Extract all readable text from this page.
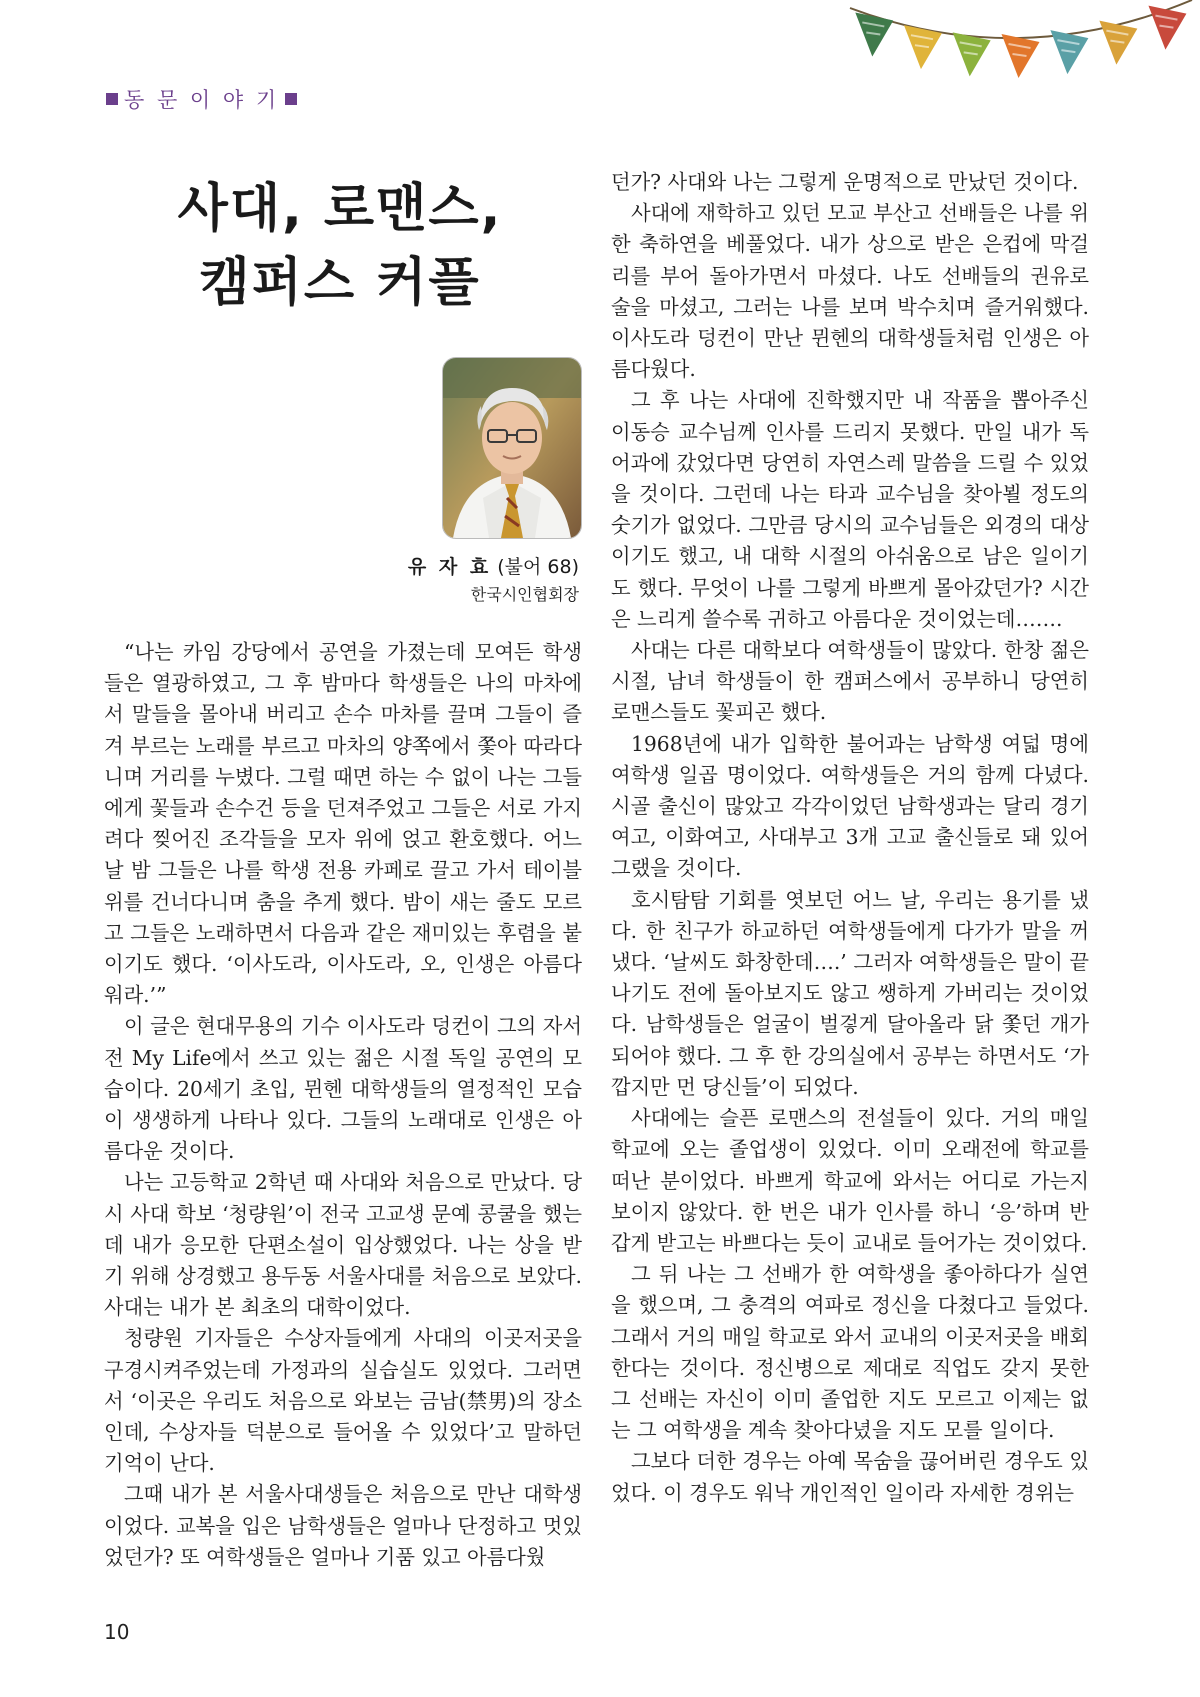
동 문 이 야 기
사대, 로맨스,
캠퍼스 커플
유 자 효 (불어 68)
한국시인협회장

“나는 카임 강당에서 공연을 가졌는데 모여든 학생들은 열광하였고, 그 후 밤마다 학생들은 나의 마차에서 말들을 몰아내 버리고 손수 마차를 끌며 그들이 즐겨 부르는 노래를 부르고 마차의 양쪽에서 쫓아 따라다니며 거리를 누볐다. 그럴 때면 하는 수 없이 나는 그들에게 꽃들과 손수건 등을 던져주었고 그들은 서로 가지려다 찢어진 조각들을 모자 위에 얹고 환호했다. 어느 날 밤 그들은 나를 학생 전용 카페로 끌고 가서 테이블 위를 건너다니며 춤을 추게 했다. 밤이 새는 줄도 모르고 그들은 노래하면서 다음과 같은 재미있는 후렴을 붙이기도 했다. ‘이사도라, 이사도라, 오, 인생은 아름다워라.’”

이 글은 현대무용의 기수 이사도라 덩컨이 그의 자서전 My Life에서 쓰고 있는 젊은 시절 독일 공연의 모습이다. 20세기 초입, 뮌헨 대학생들의 열정적인 모습이 생생하게 나타나 있다. 그들의 노래대로 인생은 아름다운 것이다.

나는 고등학교 2학년 때 사대와 처음으로 만났다. 당시 사대 학보 ‘청량원’이 전국 고교생 문예 콩쿨을 했는데 내가 응모한 단편소설이 입상했었다. 나는 상을 받기 위해 상경했고 용두동 서울사대를 처음으로 보았다. 사대는 내가 본 최초의 대학이었다.

청량원 기자들은 수상자들에게 사대의 이곳저곳을 구경시켜주었는데 가정과의 실습실도 있었다. 그러면서 ‘이곳은 우리도 처음으로 와보는 금남(禁男)의 장소인데, 수상자들 덕분으로 들어올 수 있었다’고 말하던 기억이 난다.

그때 내가 본 서울사대생들은 처음으로 만난 대학생이었다. 교복을 입은 남학생들은 얼마나 단정하고 멋있었던가? 또 여학생들은 얼마나 기품 있고 아름다웠

던가? 사대와 나는 그렇게 운명적으로 만났던 것이다.

사대에 재학하고 있던 모교 부산고 선배들은 나를 위한 축하연을 베풀었다. 내가 상으로 받은 은컵에 막걸리를 부어 돌아가면서 마셨다. 나도 선배들의 권유로 술을 마셨고, 그러는 나를 보며 박수치며 즐거워했다. 이사도라 덩컨이 만난 뮌헨의 대학생들처럼 인생은 아름다웠다.

그 후 나는 사대에 진학했지만 내 작품을 뽑아주신 이동승 교수님께 인사를 드리지 못했다. 만일 내가 독어과에 갔었다면 당연히 자연스레 말씀을 드릴 수 있었을 것이다. 그런데 나는 타과 교수님을 찾아뵐 정도의 숫기가 없었다. 그만큼 당시의 교수님들은 외경의 대상이기도 했고, 내 대학 시절의 아쉬움으로 남은 일이기도 했다. 무엇이 나를 그렇게 바쁘게 몰아갔던가? 시간은 느리게 쓸수록 귀하고 아름다운 것이었는데…….

사대는 다른 대학보다 여학생들이 많았다. 한창 젊은 시절, 남녀 학생들이 한 캠퍼스에서 공부하니 당연히 로맨스들도 꽃피곤 했다.

1968년에 내가 입학한 불어과는 남학생 여덟 명에 여학생 일곱 명이었다. 여학생들은 거의 함께 다녔다. 시골 출신이 많았고 각각이었던 남학생과는 달리 경기여고, 이화여고, 사대부고 3개 고교 출신들로 돼 있어 그랬을 것이다.

호시탐탐 기회를 엿보던 어느 날, 우리는 용기를 냈다. 한 친구가 하교하던 여학생들에게 다가가 말을 꺼냈다. ‘날씨도 화창한데….’ 그러자 여학생들은 말이 끝나기도 전에 돌아보지도 않고 쌩하게 가버리는 것이었다. 남학생들은 얼굴이 벌겋게 달아올라 닭 쫓던 개가 되어야 했다. 그 후 한 강의실에서 공부는 하면서도 ‘가깝지만 먼 당신들’이 되었다.

사대에는 슬픈 로맨스의 전설들이 있다. 거의 매일 학교에 오는 졸업생이 있었다. 이미 오래전에 학교를 떠난 분이었다. 바쁘게 학교에 와서는 어디로 가는지 보이지 않았다. 한 번은 내가 인사를 하니 ‘응’하며 반갑게 받고는 바쁘다는 듯이 교내로 들어가는 것이었다.

그 뒤 나는 그 선배가 한 여학생을 좋아하다가 실연을 했으며, 그 충격의 여파로 정신을 다쳤다고 들었다. 그래서 거의 매일 학교로 와서 교내의 이곳저곳을 배회한다는 것이다. 정신병으로 제대로 직업도 갖지 못한 그 선배는 자신이 이미 졸업한 지도 모르고 이제는 없는 그 여학생을 계속 찾아다녔을 지도 모를 일이다.

그보다 더한 경우는 아예 목숨을 끊어버린 경우도 있었다. 이 경우도 워낙 개인적인 일이라 자세한 경위는

10
